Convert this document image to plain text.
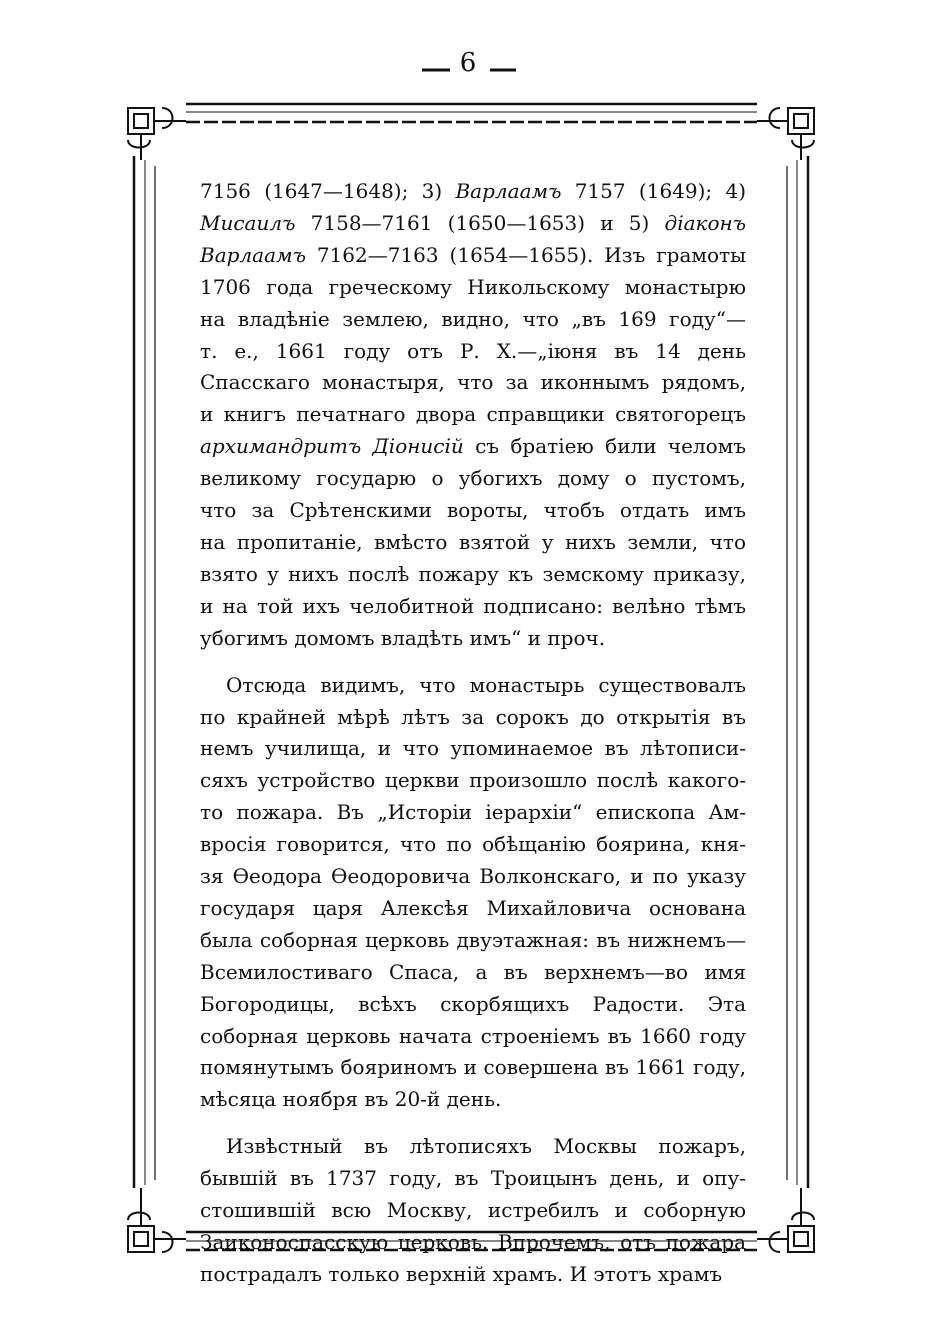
6
7156 (1647—1648); 3) Варлаамъ 7157 (1649); 4)
Мисаилъ 7158—7161 (1650—1653) и 5) дiаконъ
Варлаамъ 7162—7163 (1654—1655). Изъ грамоты
1706 года греческому Никольскому монастырю
на владѣнiе землею, видно, что „въ 169 году“—
т. е., 1661 году отъ Р. Х.—„iюня въ 14 день
Спасскаго монастыря, что за иконнымъ рядомъ,
и книгъ печатнаго двора справщики святогорецъ
архимандритъ Дiонисiй съ братiею били челомъ
великому государю о убогихъ дому о пустомъ,
что за Срѣтенскими вороты, чтобъ отдать имъ
на пропитанiе, вмѣсто взятой у нихъ земли, что
взято у нихъ послѣ пожару къ земскому приказу,
и на той ихъ челобитной подписано: велѣно тѣмъ
убогимъ домомъ владѣть имъ“ и проч.
Отсюда видимъ, что монастырь существовалъ
по крайней мѣрѣ лѣтъ за сорокъ до открытiя въ
немъ училища, и что упоминаемое въ лѣтописи-
сяхъ устройство церкви произошло послѣ какого-
то пожара. Въ „Исторiи iерархiи“ епископа Ам-
вросiя говорится, что по обѣщанiю боярина, кня-
зя Ѳеодора Ѳеодоровича Волконскаго, и по указу
государя царя Алексѣя Михайловича основана
была соборная церковь двуэтажная: въ нижнемъ—
Всемилостиваго Спаса, а въ верхнемъ—во имя
Богородицы, всѣхъ скорбящихъ Радости. Эта
соборная церковь начата строенiемъ въ 1660 году
помянутымъ бояриномъ и совершена въ 1661 году,
мѣсяца ноября въ 20-й день.
Извѣстный въ лѣтописяхъ Москвы пожаръ,
бывшiй въ 1737 году, въ Троицынъ день, и опу-
стошившiй всю Москву, истребилъ и соборную
Заиконоспасскую церковь. Впрочемъ, отъ пожара
пострадалъ только верхнiй храмъ. И этотъ храмъ
